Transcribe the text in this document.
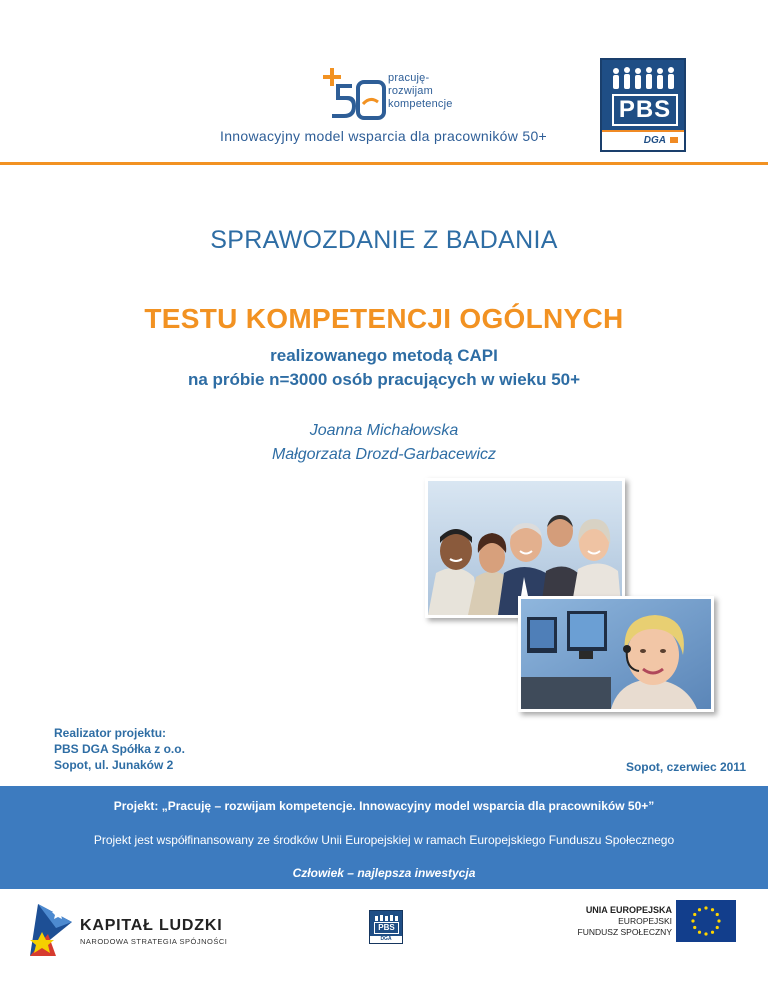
pracuję-
rozwijam
kompetencje
Innowacyjny model wsparcia dla pracowników 50+
PBS
DGA
SPRAWOZDANIE Z BADANIA
TESTU KOMPETENCJI OGÓLNYCH
realizowanego metodą CAPI
na próbie n=3000 osób pracujących w wieku 50+
Joanna Michałowska
Małgorzata Drozd-Garbacewicz
Realizator projektu:
PBS DGA Spółka z o.o.
Sopot, ul. Junaków 2	Sopot, czerwiec 2011
Projekt: „Pracuję – rozwijam kompetencje. Innowacyjny model wsparcia dla pracowników 50+”
Projekt jest współfinansowany ze środków Unii Europejskiej w ramach Europejskiego Funduszu Społecznego
Człowiek – najlepsza inwestycja
KAPITAŁ LUDZKI
NARODOWA STRATEGIA SPÓJNOŚCI
PBS
DGA
UNIA EUROPEJSKA
EUROPEJSKI
FUNDUSZ SPOŁECZNY
